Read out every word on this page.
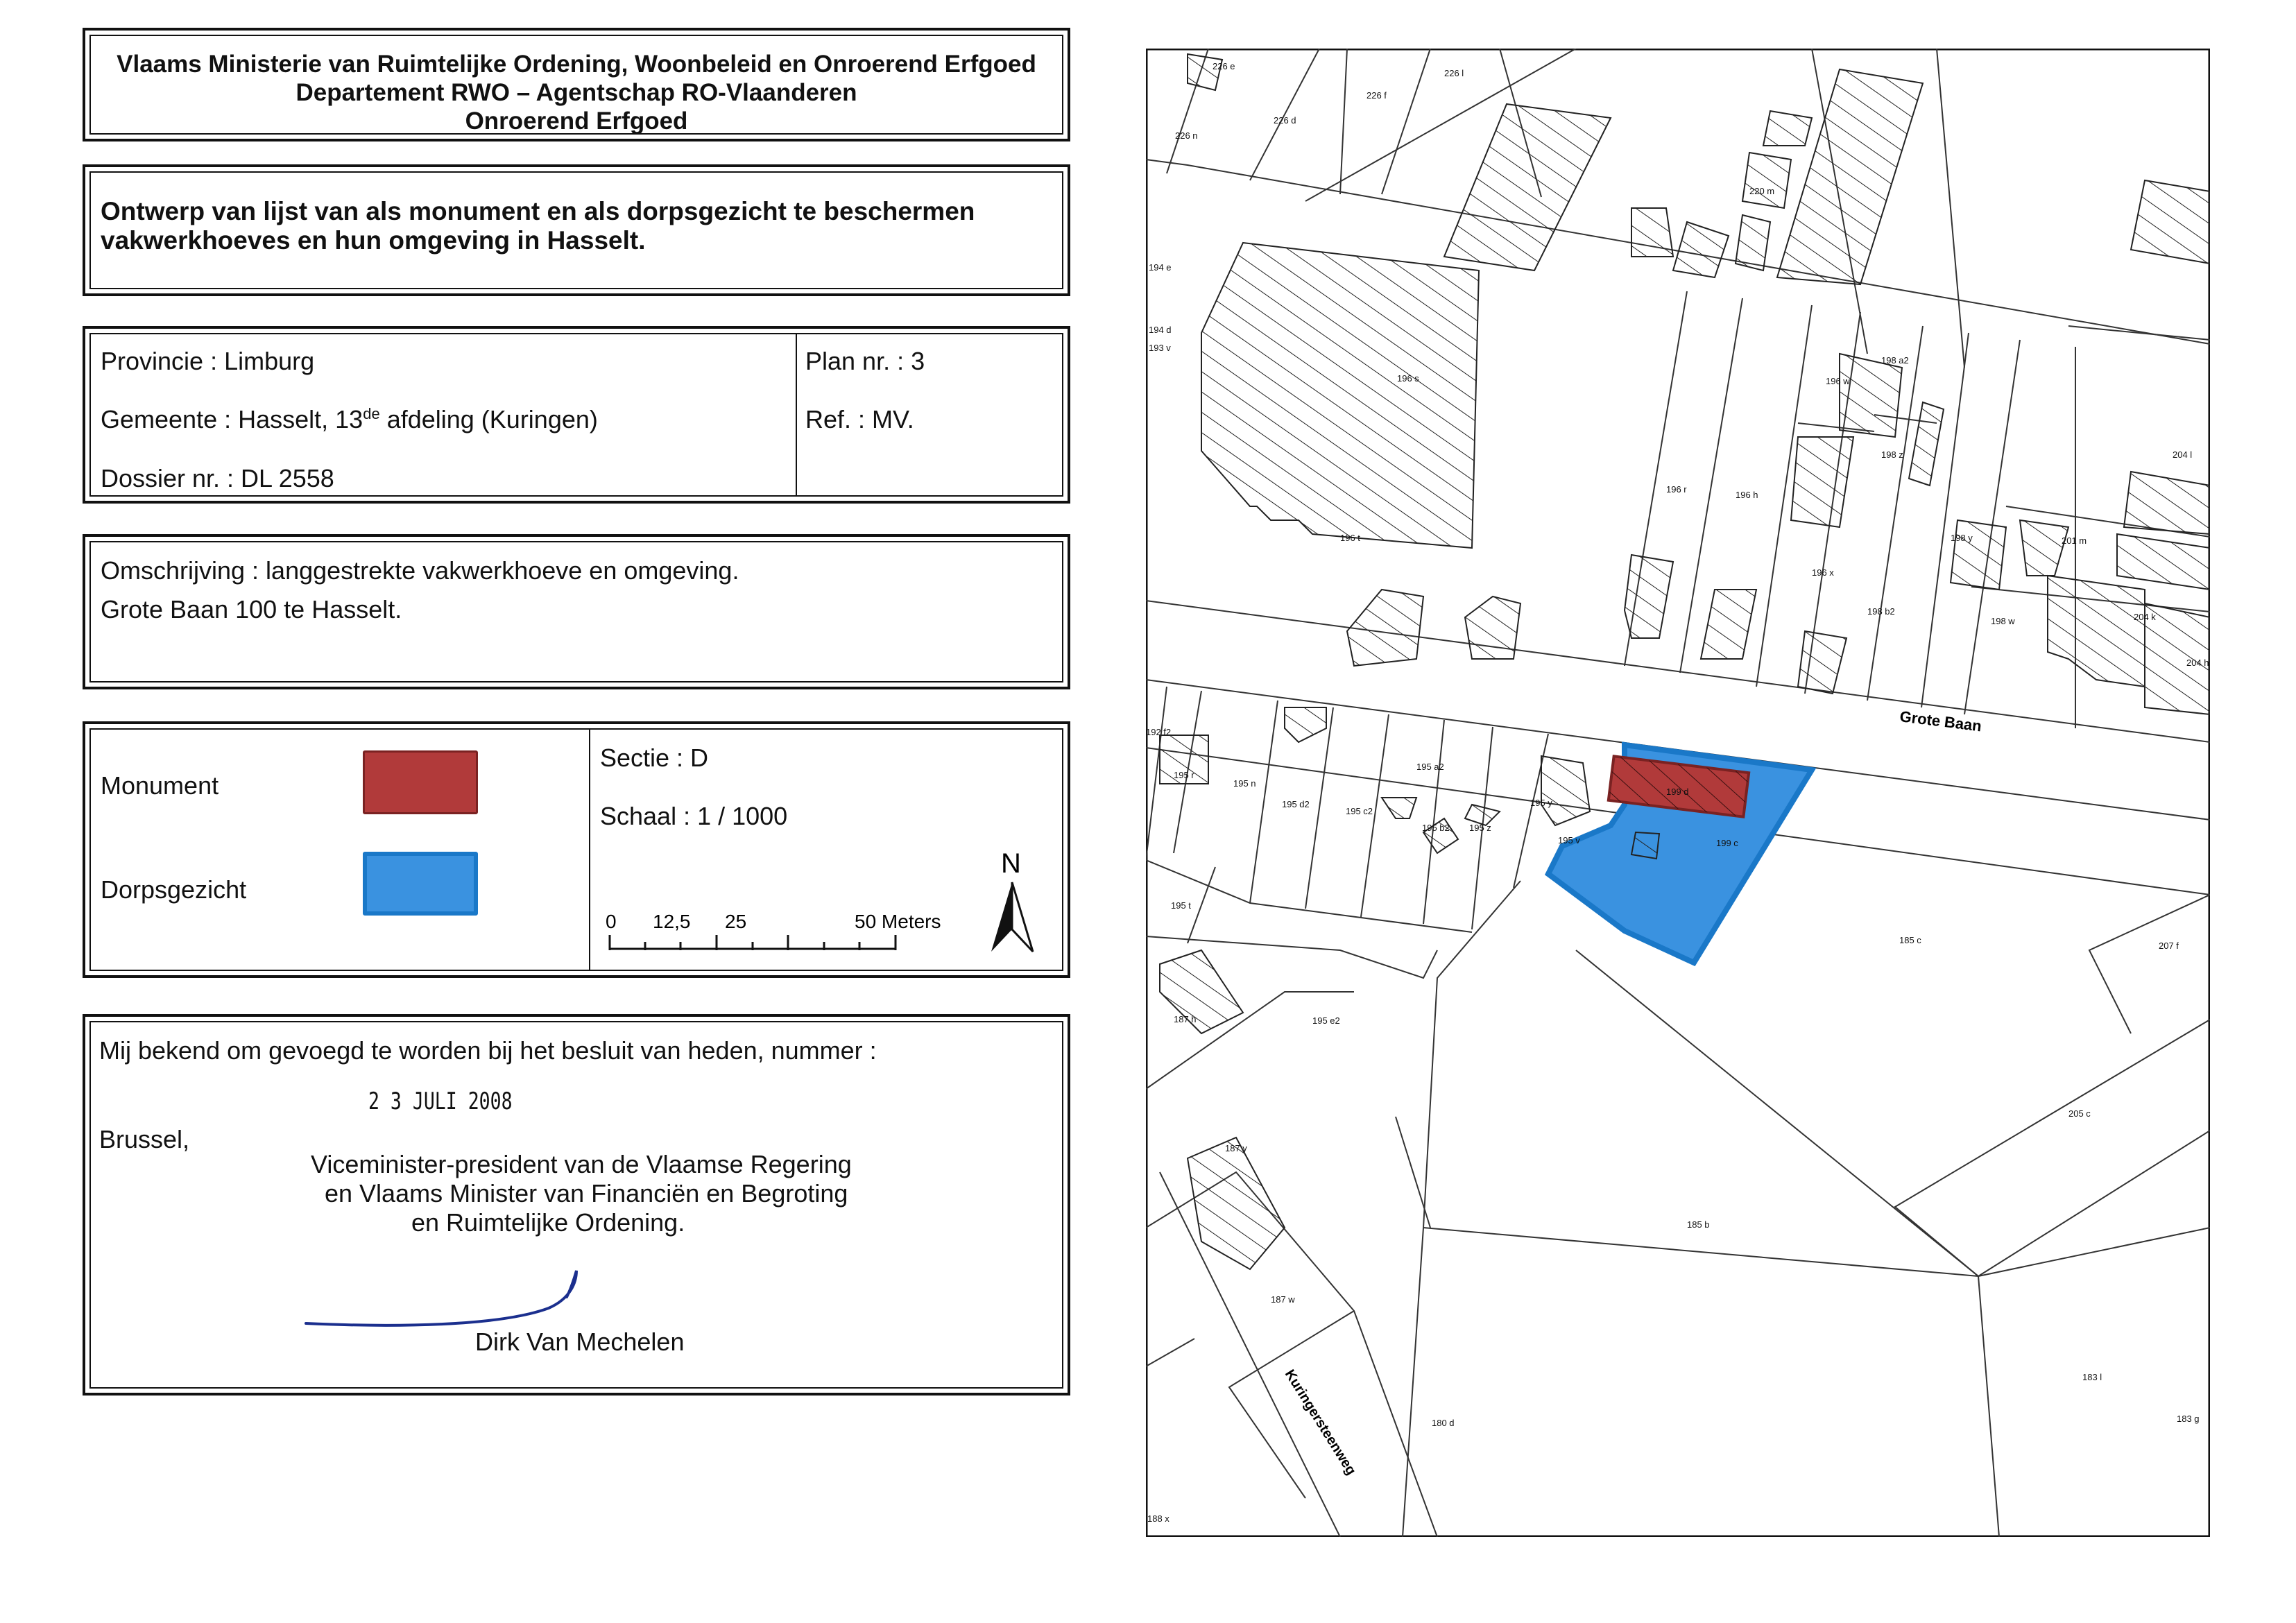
Vlaams Ministerie van Ruimtelijke Ordening, Woonbeleid en Onroerend Erfgoed
Departement RWO – Agentschap RO-Vlaanderen
Onroerend Erfgoed
Ontwerp van lijst van als monument en als dorpsgezicht te beschermen
vakwerkhoeves en hun omgeving in Hasselt.
Provincie : Limburg
Gemeente : Hasselt, 13de afdeling (Kuringen)
Dossier nr. : DL 2558
Plan nr. : 3
Ref. : MV.
Omschrijving : langgestrekte vakwerkhoeve en omgeving.
Grote Baan 100 te Hasselt.
Monument
Dorpsgezicht
Sectie : D
Schaal : 1 / 1000
0 12,5 25	50 Meters
N
Mij bekend om gevoegd te worden bij het besluit van heden, nummer :
2 3 JULI 2008
Brussel,
Viceminister-president van de Vlaamse Regering
en Vlaams Minister van Financiën en Begroting
en Ruimtelijke Ordening.
Dirk Van Mechelen
Grote Baan
Kuringersteenweg
226 e
226 l
226 f
226 d
226 n
220 m
194 e
194 d
193 v
196 s
196 t
196 w
198 a2
198 z	204 l
196 r
196 h
198 y	201 m
196 x
198 b2
198 w	204 k
204 h
192 f2
195 r
195 n
195 d2
195 c2
195 a2
195 b2 195 z
195 y
195 v
199 d
199 c
195 t
185 c
207 f
187 h	195 e2
205 c
187 y
185 b
187 w
183 l
183 g
180 d
188 x
